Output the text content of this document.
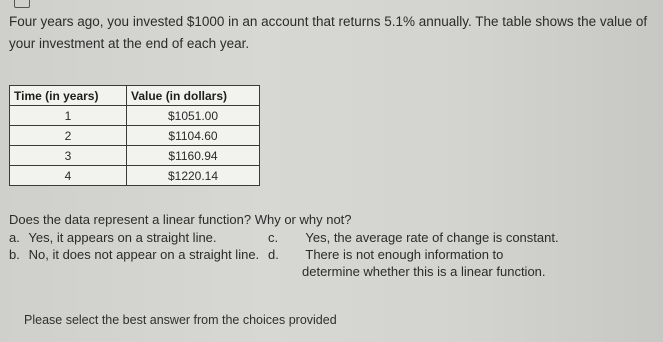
Four years ago, you invested $1000 in an account that returns 5.1% annually. The table shows the value of your investment at the end of each year.

Time (in years)	Value (in dollars)
1	$1051.00
2	$1104.60
3	$1160.94
4	$1220.14
Does the data represent a linear function? Why or why not?
a. Yes, it appears on a straight line.
b. No, it does not appear on a straight line.
c. Yes, the average rate of change is constant.
d. There is not enough information to
determine whether this is a linear function.
Please select the best answer from the choices provided
